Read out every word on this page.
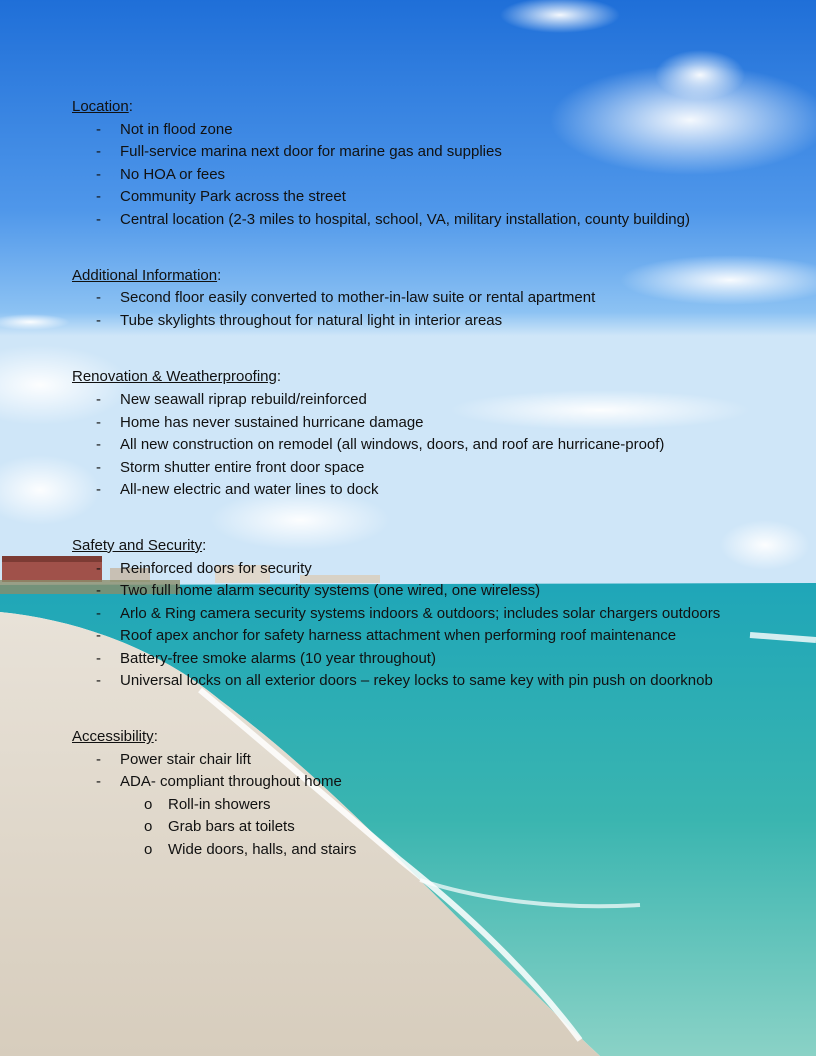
Location:

-	Not in flood zone
-	Full-service marina next door for marine gas and supplies
-	No HOA or fees
-	Community Park across the street
-	Central location (2-3 miles to hospital, school, VA, military installation, county building)

Additional Information:

-	Second floor easily converted to mother-in-law suite or rental apartment
-	Tube skylights throughout for natural light in interior areas

Renovation & Weatherproofing:

-	New seawall riprap rebuild/reinforced
-	Home has never sustained hurricane damage
-	All new construction on remodel (all windows, doors, and roof are hurricane-proof)
-	Storm shutter entire front door space
-	All-new electric and water lines to dock

Safety and Security:

-	Reinforced doors for security
-	Two full home alarm security systems (one wired, one wireless)
-	Arlo & Ring camera security systems indoors & outdoors; includes solar chargers outdoors
-	Roof apex anchor for safety harness attachment when performing roof maintenance
-	Battery-free smoke alarms (10 year throughout)
-	Universal locks on all exterior doors – rekey locks to same key with pin push on doorknob

Accessibility:

-	Power stair chair lift
-	ADA- compliant throughout home
o Roll-in showers
o Grab bars at toilets
o Wide doors, halls, and stairs
